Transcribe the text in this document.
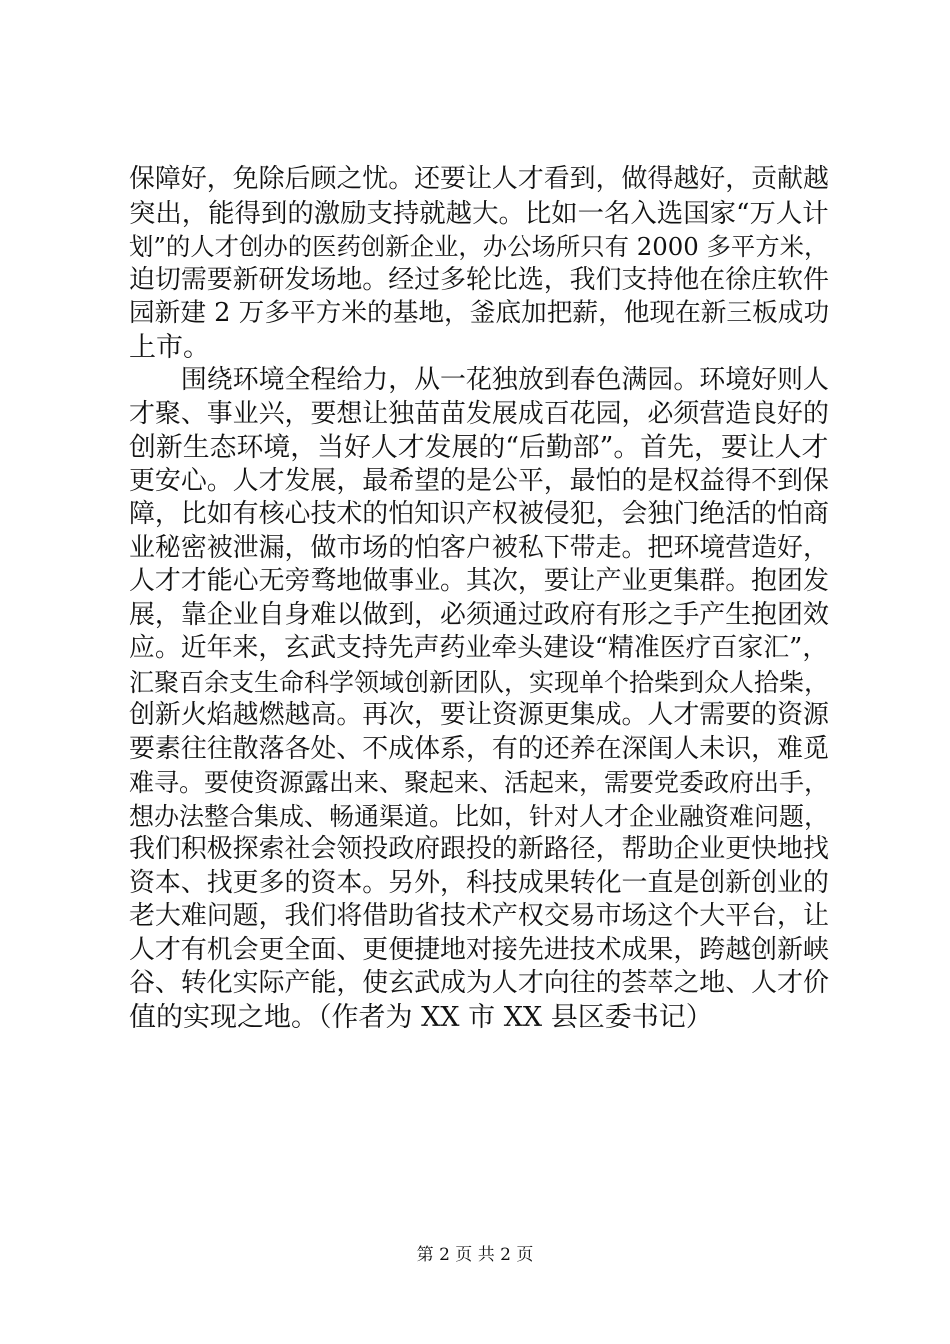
保障好，免除后顾之忧。还要让人才看到，做得越好，贡献越
突出，能得到的激励支持就越大。比如一名入选国家“万人计
划”的人才创办的医药创新企业，办公场所只有 2000 多平方米，
迫切需要新研发场地。经过多轮比选，我们支持他在徐庄软件
园新建 2 万多平方米的基地，釜底加把薪，他现在新三板成功
上市。
　　围绕环境全程给力，从一花独放到春色满园。环境好则人
才聚、事业兴，要想让独苗苗发展成百花园，必须营造良好的
创新生态环境，当好人才发展的“后勤部”。首先，要让人才
更安心。人才发展，最希望的是公平，最怕的是权益得不到保
障，比如有核心技术的怕知识产权被侵犯，会独门绝活的怕商
业秘密被泄漏，做市场的怕客户被私下带走。把环境营造好，
人才才能心无旁骛地做事业。其次，要让产业更集群。抱团发
展，靠企业自身难以做到，必须通过政府有形之手产生抱团效
应。近年来，玄武支持先声药业牵头建设“精准医疗百家汇”，
汇聚百余支生命科学领域创新团队，实现单个拾柴到众人拾柴，
创新火焰越燃越高。再次，要让资源更集成。人才需要的资源
要素往往散落各处、不成体系，有的还养在深闺人未识，难觅
难寻。要使资源露出来、聚起来、活起来，需要党委政府出手，
想办法整合集成、畅通渠道。比如，针对人才企业融资难问题，
我们积极探索社会领投政府跟投的新路径，帮助企业更快地找
资本、找更多的资本。另外，科技成果转化一直是创新创业的
老大难问题，我们将借助省技术产权交易市场这个大平台，让
人才有机会更全面、更便捷地对接先进技术成果，跨越创新峡
谷、转化实际产能，使玄武成为人才向往的荟萃之地、人才价
值的实现之地。（作者为 XX 市 XX 县区委书记）
第 2 页 共 2 页
